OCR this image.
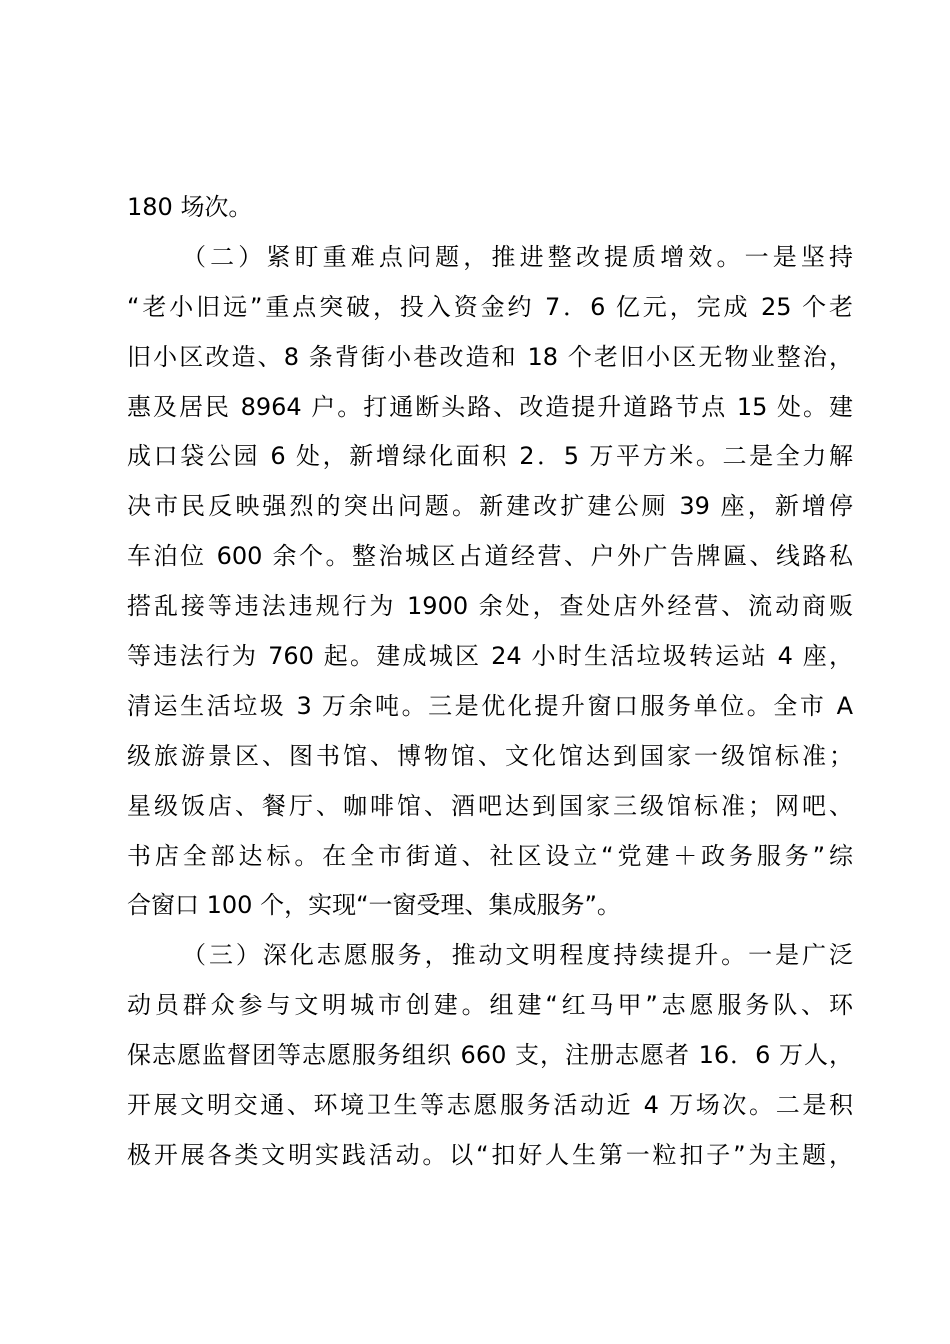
180 场次。
（二）紧盯重难点问题，推进整改提质增效。一是坚持
“老小旧远”重点突破，投入资金约 7．6 亿元，完成 25 个老
旧小区改造、8 条背街小巷改造和 18 个老旧小区无物业整治，
惠及居民 8964 户。打通断头路、改造提升道路节点 15 处。建
成口袋公园 6 处，新增绿化面积 2．5 万平方米。二是全力解
决市民反映强烈的突出问题。新建改扩建公厕 39 座，新增停
车泊位 600 余个。整治城区占道经营、户外广告牌匾、线路私
搭乱接等违法违规行为 1900 余处，查处店外经营、流动商贩
等违法行为 760 起。建成城区 24 小时生活垃圾转运站 4 座，
清运生活垃圾 3 万余吨。三是优化提升窗口服务单位。全市 A
级旅游景区、图书馆、博物馆、文化馆达到国家一级馆标准；
星级饭店、餐厅、咖啡馆、酒吧达到国家三级馆标准；网吧、
书店全部达标。在全市街道、社区设立“党建＋政务服务”综
合窗口 100 个，实现“一窗受理、集成服务”。
（三）深化志愿服务，推动文明程度持续提升。一是广泛
动员群众参与文明城市创建。组建“红马甲”志愿服务队、环
保志愿监督团等志愿服务组织 660 支，注册志愿者 16．6 万人，
开展文明交通、环境卫生等志愿服务活动近 4 万场次。二是积
极开展各类文明实践活动。以“扣好人生第一粒扣子”为主题，
